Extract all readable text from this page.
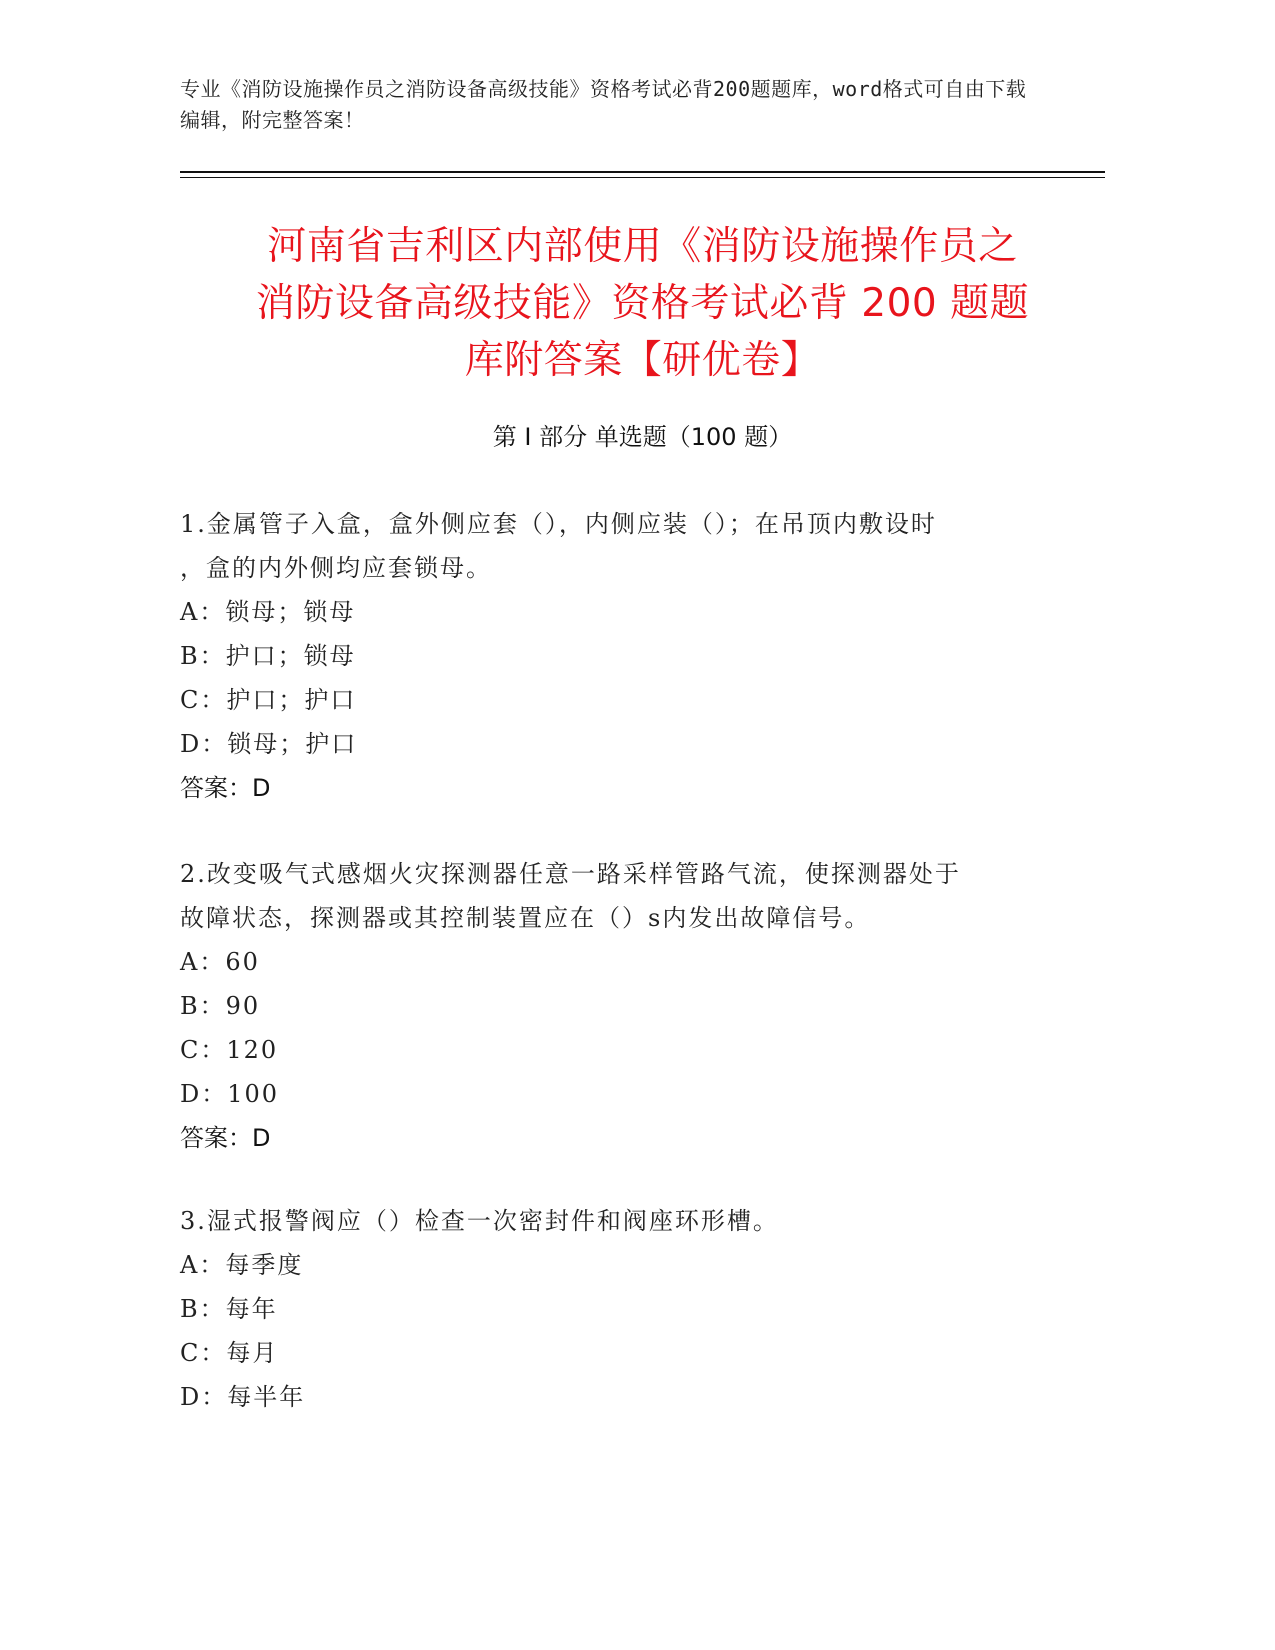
专业《消防设施操作员之消防设备高级技能》资格考试必背200题题库，word格式可自由下载编辑，附完整答案！
河南省吉利区内部使用《消防设施操作员之
消防设备高级技能》资格考试必背 200 题题
库附答案【研优卷】
第 I 部分 单选题（100 题）
1.金属管子入盒，盒外侧应套（），内侧应装（）；在吊顶内敷设时
，盒的内外侧均应套锁母。
A：锁母；锁母
B：护口；锁母
C：护口；护口
D：锁母；护口
答案：D
2.改变吸气式感烟火灾探测器任意一路采样管路气流，使探测器处于
故障状态，探测器或其控制装置应在（）s内发出故障信号。
A：60
B：90
C：120
D：100
答案：D
3.湿式报警阀应（）检查一次密封件和阀座环形槽。
A：每季度
B：每年
C：每月
D：每半年
